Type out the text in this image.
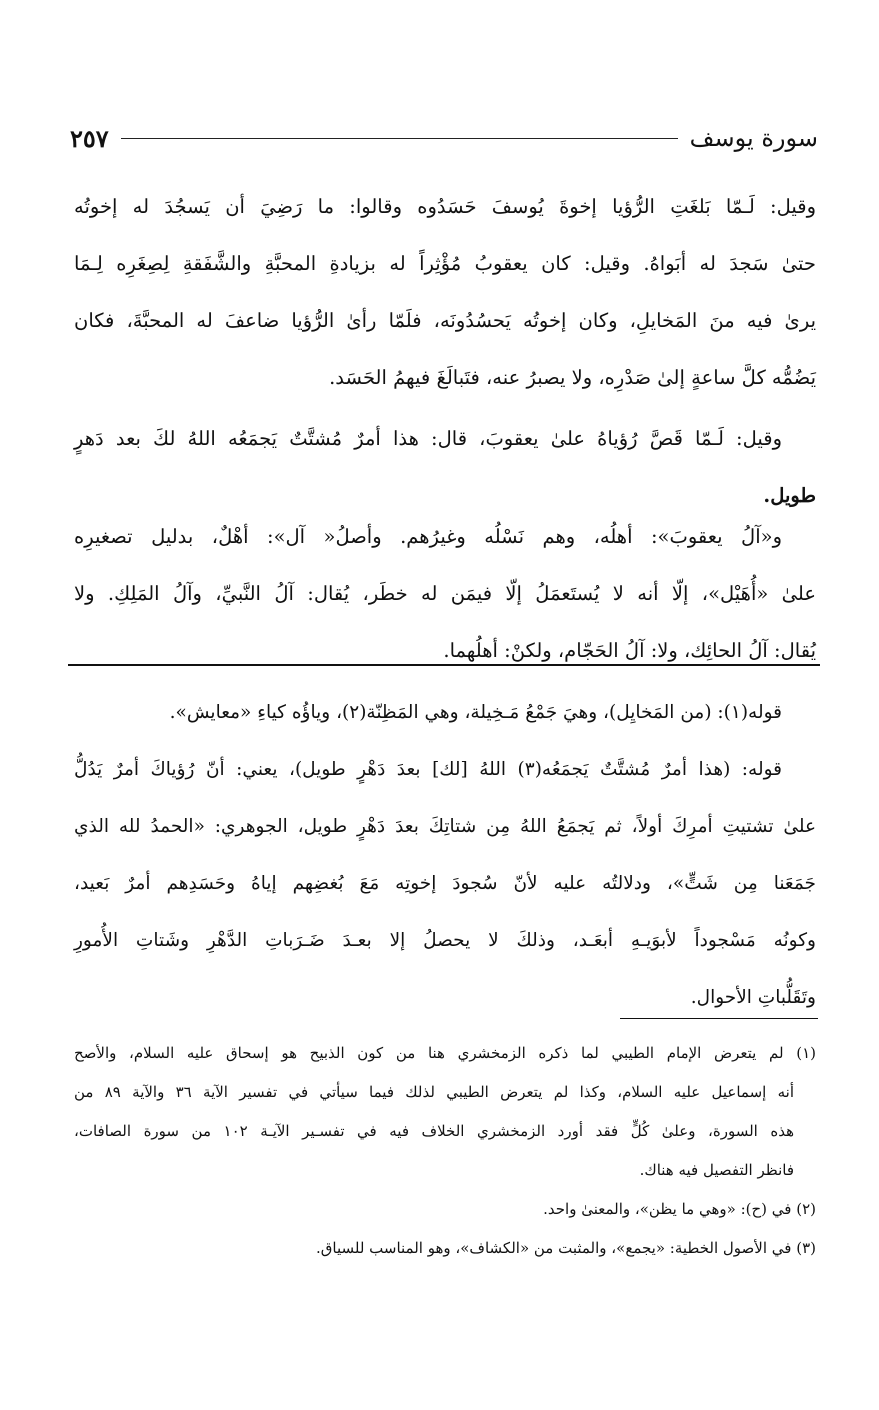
سورة يوسف
٢٥٧
وقيل: لَـمّا بَلغَتِ الرُّؤيا إخوةَ يُوسفَ حَسَدُوه وقالوا: ما رَضِيَ أن يَسجُدَ له إخوتُه
حتىٰ سَجدَ له أبَواهُ. وقيل: كان يعقوبُ مُؤْثِراً له بزيادةِ المحبَّةِ والشَّفَقةِ لِصِغَرِه لِـمَا
يرىٰ فيه منَ المَخايلِ، وكان إخوتُه يَحسُدُونَه، فلَمّا رأىٰ الرُّؤيا ضاعفَ له المحبَّةَ، فكان
يَضُمُّه كلَّ ساعةٍ إلىٰ صَدْرِه، ولا يصبرُ عنه، فتَبالَغَ فيهمُ الحَسَد.
وقيل: لَـمّا قَصَّ رُؤياهُ علىٰ يعقوبَ، قال: هذا أمرٌ مُشتَّتٌ يَجمَعُه اللهُ لكَ بعد دَهرٍ
طويل.
و«آلُ يعقوبَ»: أهلُه، وهم نَسْلُه وغيرُهم. وأصلُ« آل»: أهْلٌ، بدليل تصغيرِه
علىٰ «أُهَيْل»، إلّا أنه لا يُستَعمَلُ إلّا فيمَن له خطَر، يُقال: آلُ النَّبيِّ، وآلُ المَلِكِ. ولا
يُقال: آلُ الحائِك، ولا: آلُ الحَجّام، ولكنْ: أهلُهما.
قوله(١): (من المَخايِل)، وهيَ جَمْعُ مَـخِيلة، وهي المَظِنّة(٢)، وياؤُه كياءِ «معايش».
قوله: (هذا أمرٌ مُشتَّتٌ يَجمَعُه(٣) اللهُ [لك] بعدَ دَهْرٍ طويل)، يعني: أنّ رُؤياكَ أمرٌ يَدُلُّ
علىٰ تشتيتِ أمرِكَ أولاً، ثم يَجمَعُ اللهُ مِن شتاتِكَ بعدَ دَهْرٍ طويل، الجوهري: «الحمدُ لله الذي
جَمَعَنا مِن شَتٍّ»، ودلالتُه عليه لأنّ سُجودَ إخوتِه مَعَ بُغضِهم إياهُ وحَسَدِهم أمرٌ بَعيد،
وكونُه مَسْجوداً لأبوَيـهِ أبعَـد، وذلكَ لا يحصلُ إلا بعـدَ ضَـرَباتِ الدَّهْرِ وشَتاتِ الأُمورِ
وتَقَلُّباتِ الأحوال.
(١) لم يتعرض الإمام الطيبي لما ذكره الزمخشري هنا من كون الذبيح هو إسحاق عليه السلام، والأصح
أنه إسماعيل عليه السلام، وكذا لم يتعرض الطيبي لذلك فيما سيأتي في تفسير الآية ٣٦ والآية ٨٩ من
هذه السورة، وعلىٰ كُلٍّ فقد أورد الزمخشري الخلاف فيه في تفسـير الآيـة ١٠٢ من سورة الصافات،
فانظر التفصيل فيه هناك.
(٢) في (ح): «وهي ما يظن»، والمعنىٰ واحد.
(٣) في الأصول الخطية: «يجمع»، والمثبت من «الكشاف»، وهو المناسب للسياق.
